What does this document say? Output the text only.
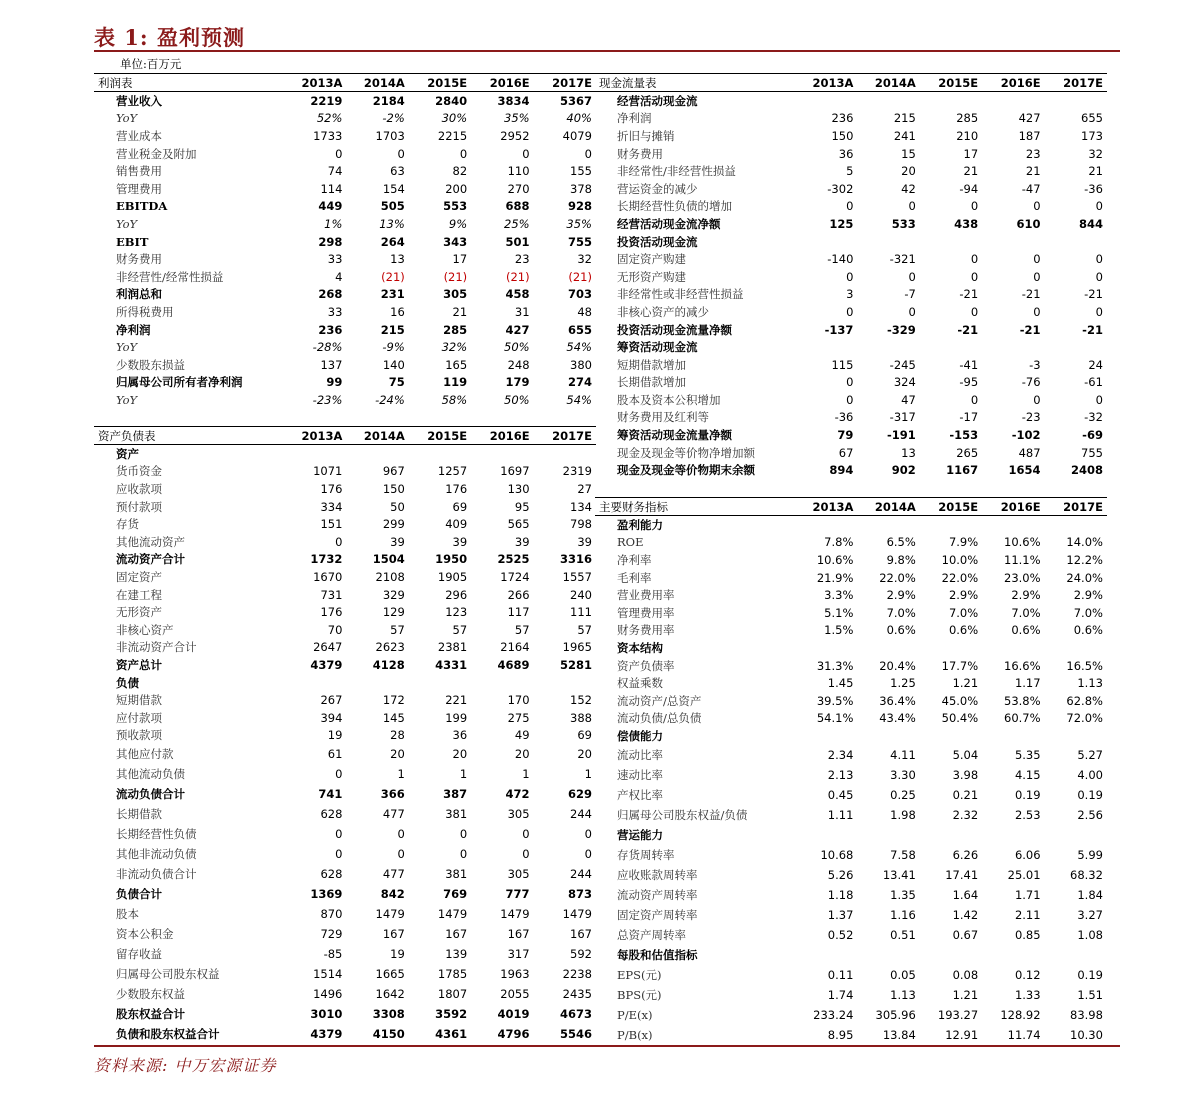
表 1: 盈利预测
单位:百万元
利润表	2013A	2014A	2015E	2016E	2017E
营业收入	2219	2184	2840	3834	5367
YoY	52%	-2%	30%	35%	40%
营业成本	1733	1703	2215	2952	4079
营业税金及附加	0	0	0	0	0
销售费用	74	63	82	110	155
管理费用	114	154	200	270	378
EBITDA	449	505	553	688	928
YoY	1%	13%	9%	25%	35%
EBIT	298	264	343	501	755
财务费用	33	13	17	23	32
非经营性/经常性损益	4	(21)	(21)	(21)	(21)
利润总和	268	231	305	458	703
所得税费用	33	16	21	31	48
净利润	236	215	285	427	655
YoY	-28%	-9%	32%	50%	54%
少数股东损益	137	140	165	248	380
归属母公司所有者净利润	99	75	119	179	274
YoY	-23%	-24%	58%	50%	54%
资产负债表	2013A	2014A	2015E	2016E	2017E
资产
货币资金	1071	967	1257	1697	2319
应收款项	176	150	176	130	27
预付款项	334	50	69	95	134
存货	151	299	409	565	798
其他流动资产	0	39	39	39	39
流动资产合计	1732	1504	1950	2525	3316
固定资产	1670	2108	1905	1724	1557
在建工程	731	329	296	266	240
无形资产	176	129	123	117	111
非核心资产	70	57	57	57	57
非流动资产合计	2647	2623	2381	2164	1965
资产总计	4379	4128	4331	4689	5281
负债
短期借款	267	172	221	170	152
应付款项	394	145	199	275	388
预收款项	19	28	36	49	69
其他应付款	61	20	20	20	20
其他流动负债	0	1	1	1	1
流动负债合计	741	366	387	472	629
长期借款	628	477	381	305	244
长期经营性负债	0	0	0	0	0
其他非流动负债	0	0	0	0	0
非流动负债合计	628	477	381	305	244
负债合计	1369	842	769	777	873
股本	870	1479	1479	1479	1479
资本公积金	729	167	167	167	167
留存收益	-85	19	139	317	592
归属母公司股东权益	1514	1665	1785	1963	2238
少数股东权益	1496	1642	1807	2055	2435
股东权益合计	3010	3308	3592	4019	4673
负债和股东权益合计	4379	4150	4361	4796	5546
现金流量表	2013A	2014A	2015E	2016E	2017E
经营活动现金流
净利润	236	215	285	427	655
折旧与摊销	150	241	210	187	173
财务费用	36	15	17	23	32
非经常性/非经营性损益	5	20	21	21	21
营运资金的减少	-302	42	-94	-47	-36
长期经营性负债的增加	0	0	0	0	0
经营活动现金流净额	125	533	438	610	844
投资活动现金流
固定资产购建	-140	-321	0	0	0
无形资产购建	0	0	0	0	0
非经常性或非经营性损益	3	-7	-21	-21	-21
非核心资产的减少	0	0	0	0	0
投资活动现金流量净额	-137	-329	-21	-21	-21
筹资活动现金流
短期借款增加	115	-245	-41	-3	24
长期借款增加	0	324	-95	-76	-61
股本及资本公积增加	0	47	0	0	0
财务费用及红利等	-36	-317	-17	-23	-32
筹资活动现金流量净额	79	-191	-153	-102	-69
现金及现金等价物净增加额	67	13	265	487	755
现金及现金等价物期末余额	894	902	1167	1654	2408
主要财务指标	2013A	2014A	2015E	2016E	2017E
盈利能力
ROE	7.8%	6.5%	7.9%	10.6%	14.0%
净利率	10.6%	9.8%	10.0%	11.1%	12.2%
毛利率	21.9%	22.0%	22.0%	23.0%	24.0%
营业费用率	3.3%	2.9%	2.9%	2.9%	2.9%
管理费用率	5.1%	7.0%	7.0%	7.0%	7.0%
财务费用率	1.5%	0.6%	0.6%	0.6%	0.6%
资本结构
资产负债率	31.3%	20.4%	17.7%	16.6%	16.5%
权益乘数	1.45	1.25	1.21	1.17	1.13
流动资产/总资产	39.5%	36.4%	45.0%	53.8%	62.8%
流动负债/总负债	54.1%	43.4%	50.4%	60.7%	72.0%
偿债能力
流动比率	2.34	4.11	5.04	5.35	5.27
速动比率	2.13	3.30	3.98	4.15	4.00
产权比率	0.45	0.25	0.21	0.19	0.19
归属母公司股东权益/负债	1.11	1.98	2.32	2.53	2.56
营运能力
存货周转率	10.68	7.58	6.26	6.06	5.99
应收账款周转率	5.26	13.41	17.41	25.01	68.32
流动资产周转率	1.18	1.35	1.64	1.71	1.84
固定资产周转率	1.37	1.16	1.42	2.11	3.27
总资产周转率	0.52	0.51	0.67	0.85	1.08
每股和估值指标
EPS(元)	0.11	0.05	0.08	0.12	0.19
BPS(元)	1.74	1.13	1.21	1.33	1.51
P/E(x)	233.24	305.96	193.27	128.92	83.98
P/B(x)	8.95	13.84	12.91	11.74	10.30
资料来源: 中万宏源证券
